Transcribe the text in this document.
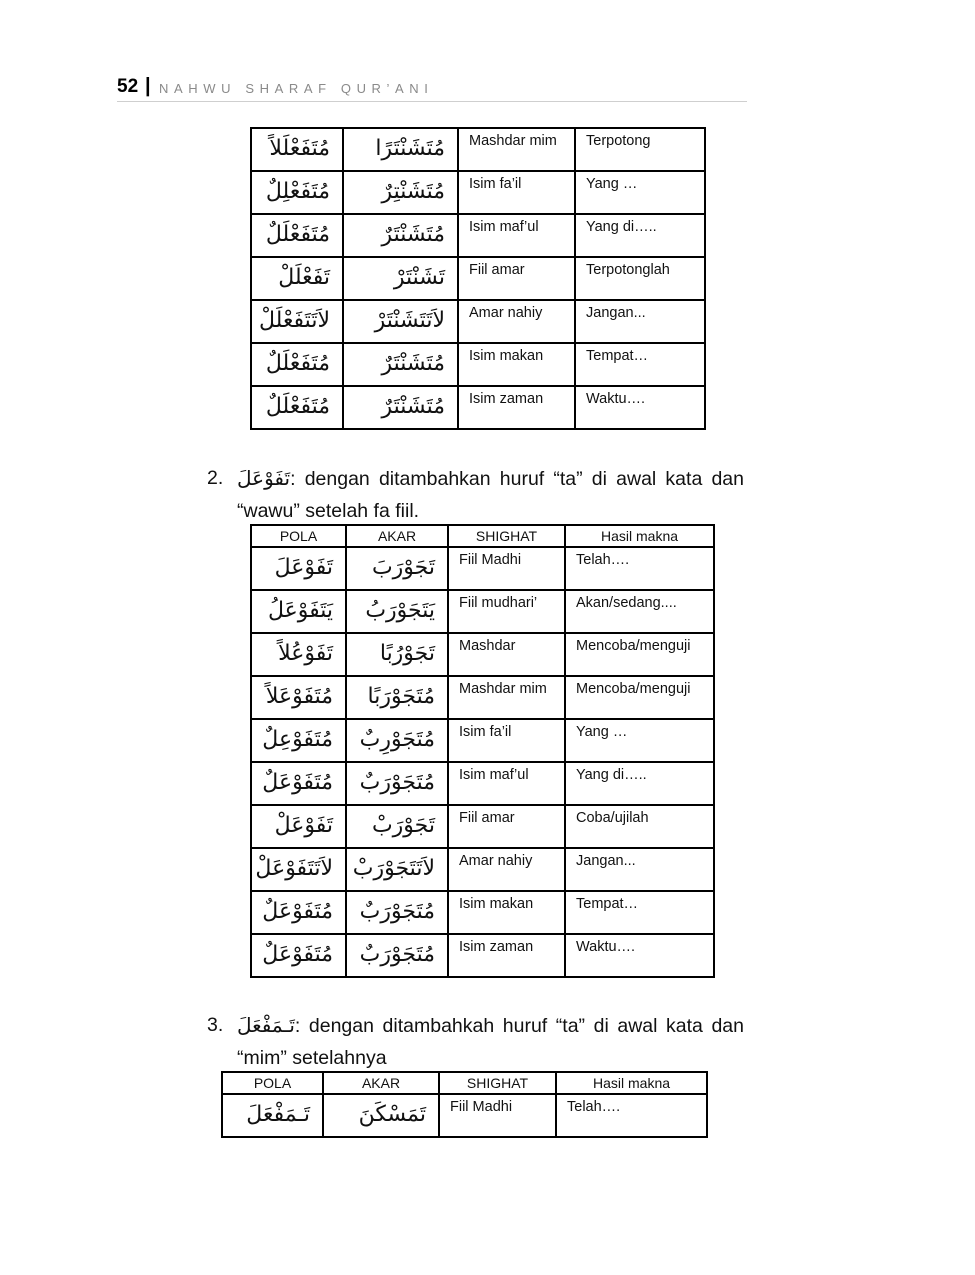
52 | NAHWU SHARAF QUR’ANI
مُتَفَعْلَلاً	مُتَشَنْتَرًا	Mashdar mim	Terpotong
مُتَفَعْلِلٌ	مُتَشَنْتِرٌ	Isim fa’il	Yang …
مُتَفَعْلَلٌ	مُتَشَنْتَرٌ	Isim maf’ul	Yang di…..
تَفَعْلَلْ	تَشَنْتَرْ	Fiil amar	Terpotonglah
لاَتَتَفَعْلَلْ	لاَتَتَشَنْتَرْ	Amar nahiy	Jangan...
مُتَفَعْلَلٌ	مُتَشَنْتَرٌ	Isim makan	Tempat…
مُتَفَعْلَلٌ	مُتَشَنْتَرٌ	Isim zaman	Waktu….
2. تَفَوْعَلَ: dengan ditambahkan huruf “ta” di awal kata dan
“wawu” setelah fa fiil.
POLA	AKAR	SHIGHAT	Hasil makna
تَفَوْعَلَ	تَجَوْرَبَ	Fiil Madhi	Telah….
يَتَفَوْعَلُ	يَتَجَوْرَبُ	Fiil mudhari’	Akan/sedang....
تَفَوْعُلاً	تَجَوْرُبًا	Mashdar	Mencoba/menguji
مُتَفَوْعَلاً	مُتَجَوْرَبًا	Mashdar mim	Mencoba/menguji
مُتَفَوْعِلٌ	مُتَجَوْرِبٌ	Isim fa’il	Yang …
مُتَفَوْعَلٌ	مُتَجَوْرَبٌ	Isim maf’ul	Yang di…..
تَفَوْعَلْ	تَجَوْرَبْ	Fiil amar	Coba/ujilah
لاَتَتَفَوْعَلْ	لاَتَتَجَوْرَبْ	Amar nahiy	Jangan...
مُتَفَوْعَلٌ	مُتَجَوْرَبٌ	Isim makan	Tempat…
مُتَفَوْعَلٌ	مُتَجَوْرَبٌ	Isim zaman	Waktu….
3. تَـمَفْعَلَ: dengan ditambahkah huruf “ta” di awal kata dan
“mim” setelahnya
POLA	AKAR	SHIGHAT	Hasil makna
تَـمَفْعَلَ	تَمَسْكَنَ	Fiil Madhi	Telah….
